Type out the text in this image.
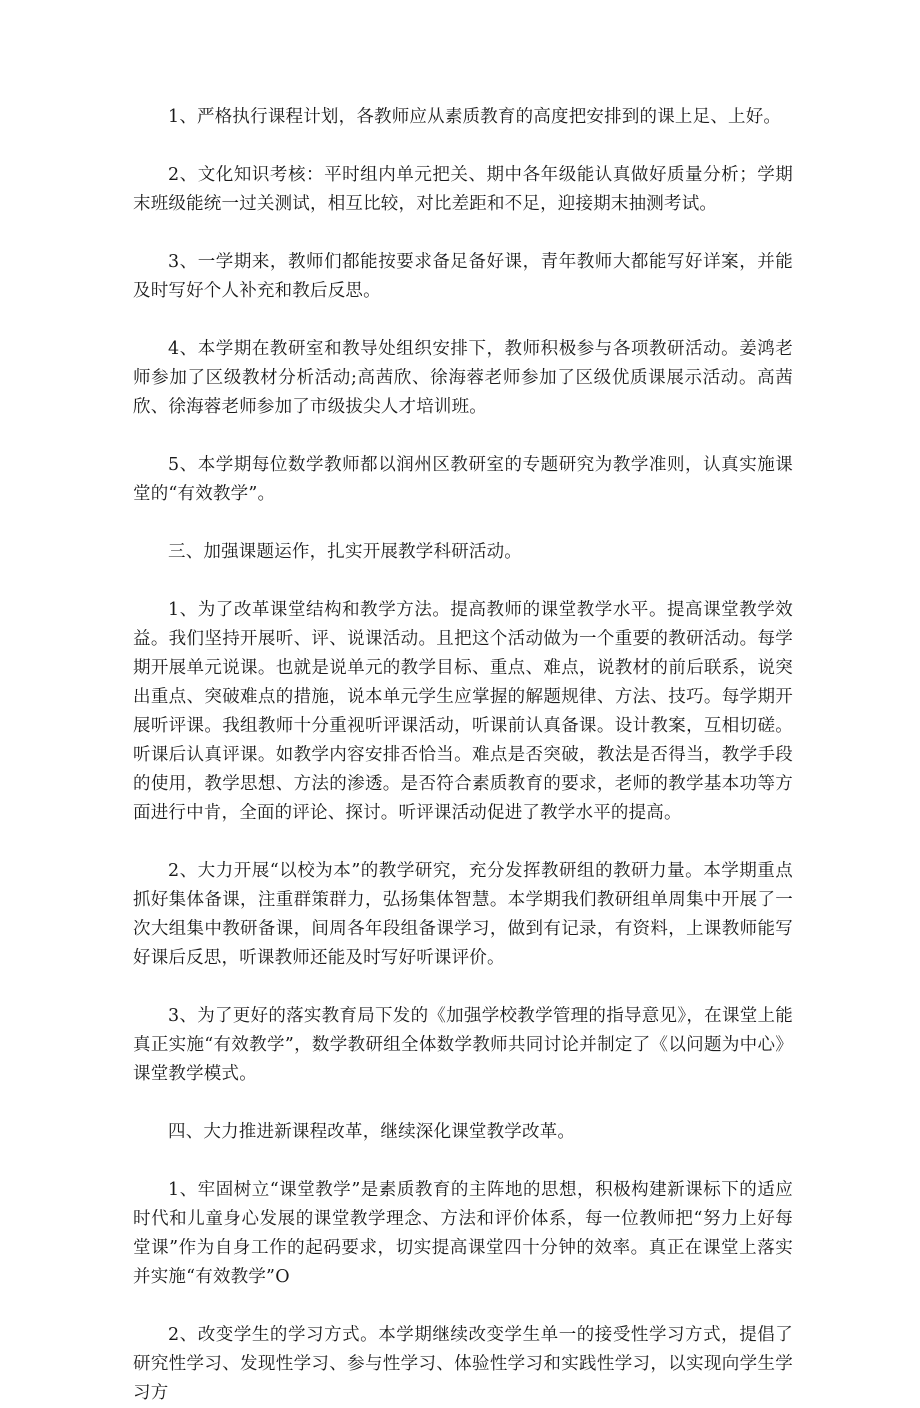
1、严格执行课程计划，各教师应从素质教育的高度把安排到的课上足、上好。

2、文化知识考核：平时组内单元把关、期中各年级能认真做好质量分析；学期末班级能统一过关测试，相互比较，对比差距和不足，迎接期末抽测考试。

3、一学期来，教师们都能按要求备足备好课，青年教师大都能写好详案，并能及时写好个人补充和教后反思。

4、本学期在教研室和教导处组织安排下，教师积极参与各项教研活动。姜鸿老师参加了区级教材分析活动;高茜欣、徐海蓉老师参加了区级优质课展示活动。高茜欣、徐海蓉老师参加了市级拔尖人才培训班。

5、本学期每位数学教师都以润州区教研室的专题研究为教学准则，认真实施课堂的“有效教学”。

三、加强课题运作，扎实开展教学科研活动。

1、为了改革课堂结构和教学方法。提高教师的课堂教学水平。提高课堂教学效益。我们坚持开展听、评、说课活动。且把这个活动做为一个重要的教研活动。每学期开展单元说课。也就是说单元的教学目标、重点、难点，说教材的前后联系，说突出重点、突破难点的措施，说本单元学生应掌握的解题规律、方法、技巧。每学期开展听评课。我组教师十分重视听评课活动，听课前认真备课。设计教案，互相切磋。听课后认真评课。如教学内容安排否恰当。难点是否突破，教法是否得当，教学手段的使用，教学思想、方法的渗透。是否符合素质教育的要求，老师的教学基本功等方面进行中肯，全面的评论、探讨。听评课活动促进了教学水平的提高。

2、大力开展“以校为本”的教学研究，充分发挥教研组的教研力量。本学期重点抓好集体备课，注重群策群力，弘扬集体智慧。本学期我们教研组单周集中开展了一次大组集中教研备课，间周各年段组备课学习，做到有记录，有资料，上课教师能写好课后反思，听课教师还能及时写好听课评价。

3、为了更好的落实教育局下发的《加强学校教学管理的指导意见》，在课堂上能真正实施“有效教学”，数学教研组全体数学教师共同讨论并制定了《以问题为中心》课堂教学模式。

四、大力推进新课程改革，继续深化课堂教学改革。

1、牢固树立“课堂教学”是素质教育的主阵地的思想，积极构建新课标下的适应时代和儿童身心发展的课堂教学理念、方法和评价体系，每一位教师把“努力上好每堂课”作为自身工作的起码要求，切实提高课堂四十分钟的效率。真正在课堂上落实并实施“有效教学”O

2、改变学生的学习方式。本学期继续改变学生单一的接受性学习方式，提倡了研究性学习、发现性学习、参与性学习、体验性学习和实践性学习，以实现向学生学习方
